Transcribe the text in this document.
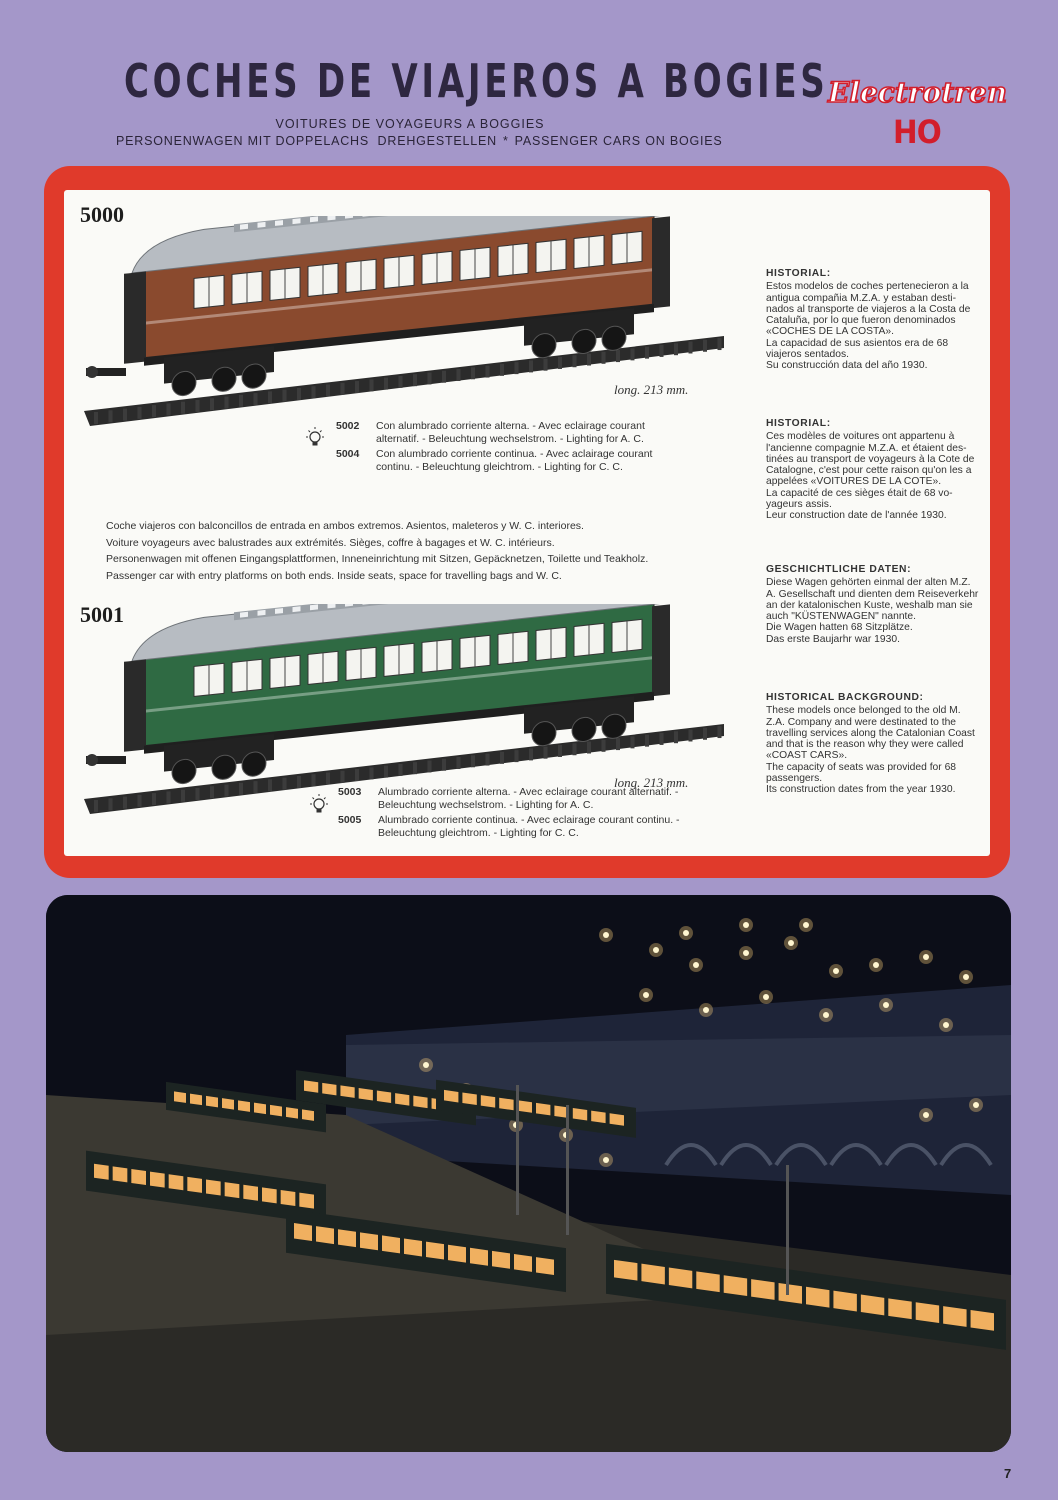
COCHES DE VIAJEROS A BOGIES
VOITURES DE VOYAGEURS A BOGGIES
PERSONENWAGEN MIT DOPPELACHS  DREHGESTELLEN * PASSENGER CARS ON BOGIES
Electrotren
HO
5000
long. 213 mm.
5002 Con alumbrado corriente alterna. - Avec eclairage courant alternatif. - Beleuchtung wechselstrom. - Lighting for A. C.
5004 Con alumbrado corriente continua. - Avec aclairage courant continu. - Beleuchtung gleichtrom. - Lighting for C. C.
Coche viajeros con balconcillos de entrada en ambos extremos. Asientos, maleteros y W. C. interiores.
Voiture voyageurs avec balustrades aux extrémités. Sièges, coffre à bagages et W. C. intérieurs.
Personenwagen mit offenen Eingangsplattformen, Inneneinrichtung mit Sitzen, Gepäcknetzen, Toilette und Teakholz.
Passenger car with entry platforms on both ends. Inside seats, space for travelling bags and W. C.
5001
long. 213 mm.
5003 Alumbrado corriente alterna. - Avec eclairage courant alternatif. - Beleuchtung wechselstrom. - Lighting for A. C.
5005 Alumbrado corriente continua. - Avec eclairage courant continu. - Beleuchtung gleichtrom. - Lighting for C. C.
HISTORIAL:
Estos modelos de coches pertenecieron a la
antigua compañia M.Z.A. y estaban desti-
nados al transporte de viajeros a la Costa de
Cataluña, por lo que fueron denominados
«COCHES DE LA COSTA».
La capacidad de sus asientos era de 68
viajeros sentados.
Su construcción data del año 1930.
HISTORIAL:
Ces modèles de voitures ont appartenu à
l'ancienne compagnie M.Z.A. et étaient des-
tinées au transport de voyageurs à la Cote de
Catalogne, c'est pour cette raison qu'on les a
appelées «VOITURES DE LA COTE».
La capacité de ces sièges était de 68 vo-
yageurs assis.
Leur construction date de l'année 1930.
GESCHICHTLICHE DATEN:
Diese Wagen gehörten einmal der alten M.Z.
A. Gesellschaft und dienten dem Reiseverkehr
an der katalonischen Kuste, weshalb man sie
auch "KÜSTENWAGEN" nannte.
Die Wagen hatten 68 Sitzplätze.
Das erste Baujarhr war 1930.
HISTORICAL BACKGROUND:
These models once belonged to the old M.
Z.A. Company and were destinated to the
travelling services along the Catalonian Coast
and that is the reason why they were called
«COAST CARS».
The capacity of seats was provided for 68
passengers.
Its construction dates from the year 1930.
7
